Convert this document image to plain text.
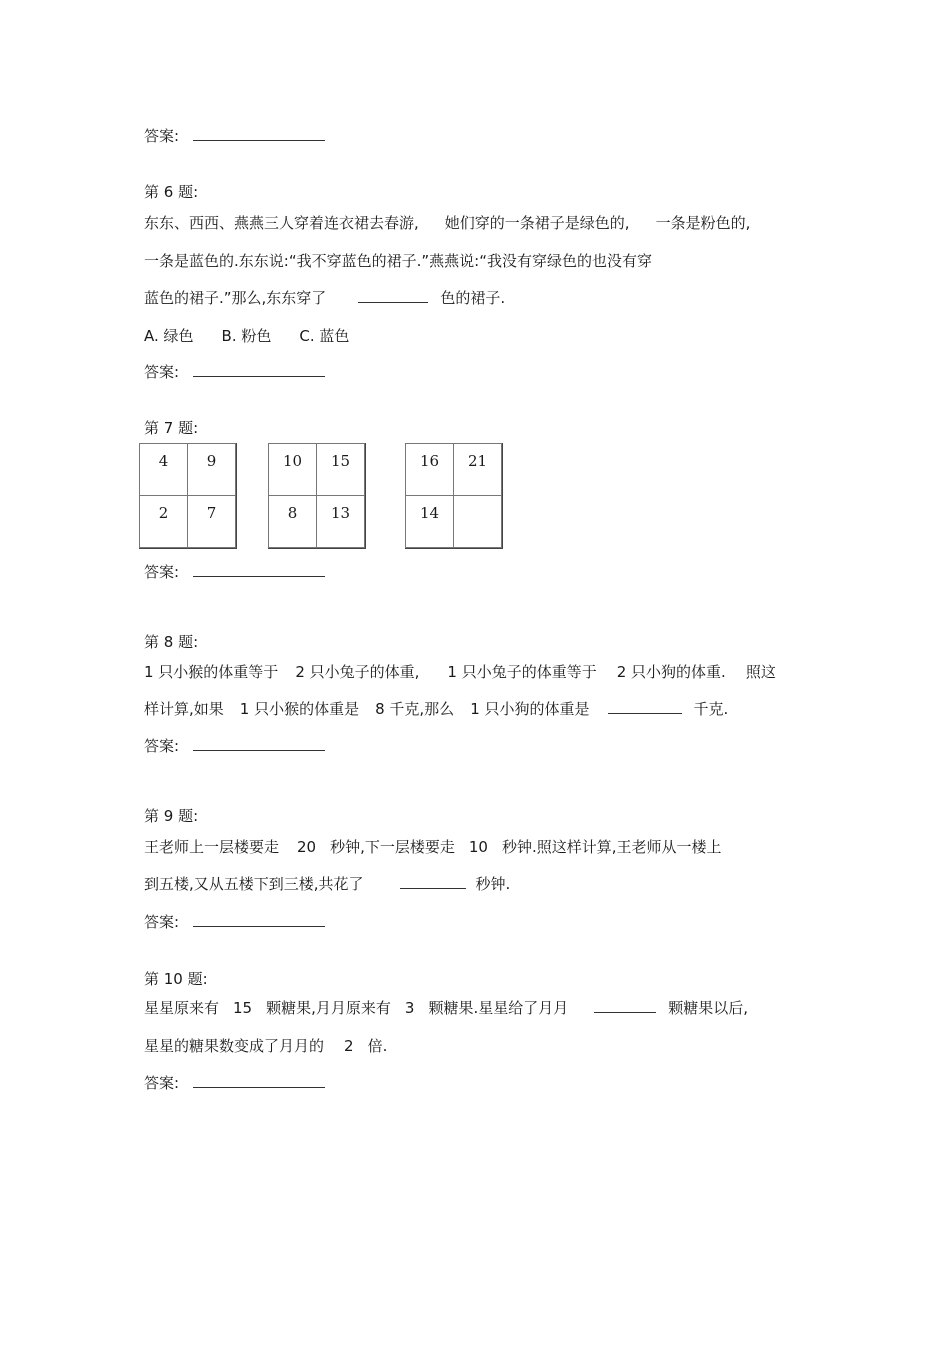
答案:
第 6 题:
东东、西西、燕燕三人穿着连衣裙去春游, 她们穿的一条裙子是绿色的, 一条是粉色的,
一条是蓝色的.东东说:“我不穿蓝色的裙子.”燕燕说:“我没有穿绿色的也没有穿
蓝色的裙子.”那么,东东穿了	色的裙子.
A. 绿色 B. 粉色 C. 蓝色
答案:
第 7 题:
4	9
2	7
10	15
8	13
16	21
14
答案:
第 8 题:
1 只小猴的体重等于 2 只小兔子的体重, 1 只小兔子的体重等于 2 只小狗的体重. 照这
样计算,如果 1 只小猴的体重是 8 千克,那么 1 只小狗的体重是	千克.
答案:
第 9 题:
王老师上一层楼要走 20 秒钟,下一层楼要走 10 秒钟.照这样计算,王老师从一楼上
到五楼,又从五楼下到三楼,共花了	秒钟.
答案:
第 10 题:
星星原来有 15 颗糖果,月月原来有 3 颗糖果.星星给了月月	颗糖果以后,
星星的糖果数变成了月月的 2 倍.
答案:
